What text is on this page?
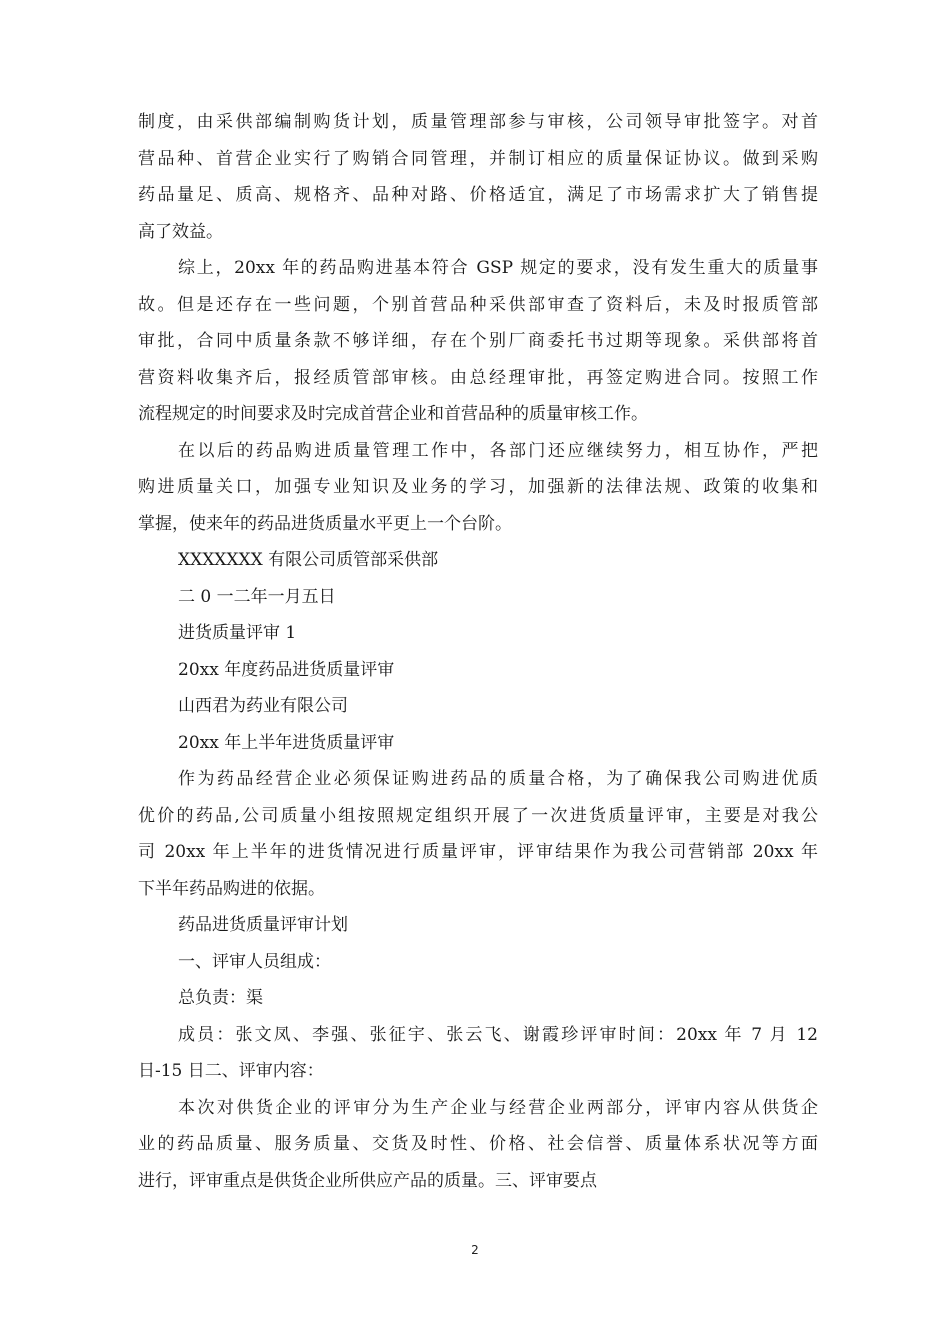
制度，由采供部编制购货计划，质量管理部参与审核，公司领导审批签字。对首
营品种、首营企业实行了购销合同管理，并制订相应的质量保证协议。做到采购
药品量足、质高、规格齐、品种对路、价格适宜，满足了市场需求扩大了销售提
高了效益。
综上，20xx 年的药品购进基本符合 GSP 规定的要求，没有发生重大的质量事
故。但是还存在一些问题，个别首营品种采供部审查了资料后，未及时报质管部
审批，合同中质量条款不够详细，存在个别厂商委托书过期等现象。采供部将首
营资料收集齐后，报经质管部审核。由总经理审批，再签定购进合同。按照工作
流程规定的时间要求及时完成首营企业和首营品种的质量审核工作。
在以后的药品购进质量管理工作中，各部门还应继续努力，相互协作，严把
购进质量关口，加强专业知识及业务的学习，加强新的法律法规、政策的收集和
掌握，使来年的药品进货质量水平更上一个台阶。
XXXXXXX 有限公司质管部采供部
二 0 一二年一月五日
进货质量评审 1
20xx 年度药品进货质量评审
山西君为药业有限公司
20xx 年上半年进货质量评审
作为药品经营企业必须保证购进药品的质量合格，为了确保我公司购进优质
优价的药品,公司质量小组按照规定组织开展了一次进货质量评审，主要是对我公
司 20xx 年上半年的进货情况进行质量评审，评审结果作为我公司营销部 20xx 年
下半年药品购进的依据。
药品进货质量评审计划
一、评审人员组成：
总负责：渠
成员：张文凤、李强、张征宇、张云飞、谢霞珍评审时间：20xx 年 7 月 12
日-15 日二、评审内容：
本次对供货企业的评审分为生产企业与经营企业两部分，评审内容从供货企
业的药品质量、服务质量、交货及时性、价格、社会信誉、质量体系状况等方面
进行，评审重点是供货企业所供应产品的质量。三、评审要点
2
